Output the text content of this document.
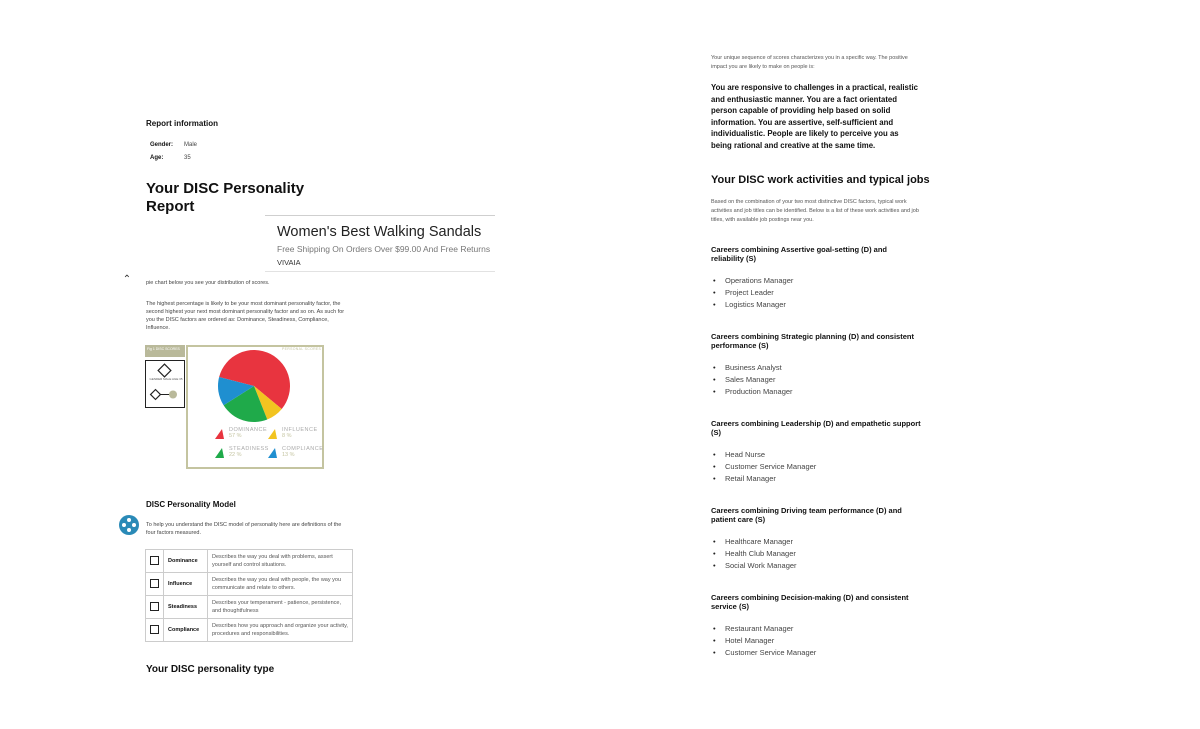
Report information
Gender: Male
Age:	35
Your DISC Personality Report
Women's Best Walking Sandals
Free Shipping On Orders Over $99.00 And Free Returns
VIVAIA
⌃	pie chart below you see your distribution of scores.
The highest percentage is likely to be your most dominant personality factor, the second highest your next most dominant personality factor and so on. As such for you the DISC factors are ordered as: Dominance, Steadiness, Compliance, Influence.
Fig 1 DISC SCORES
GENDER MALE AGE 35
PERSONAL SCORES
DOMINANCE
57 %
INFLUENCE
8 %
STEADINESS
22 %
COMPLIANCE
13 %
DISC Personality Model
To help you understand the DISC model of personality here are definitions of the four factors measured.
	Dominance	Describes the way you deal with problems, assert yourself and control situations.
	Influence	Describes the way you deal with people, the way you communicate and relate to others.
	Steadiness	Describes your temperament - patience, persistence, and thoughtfulness
	Compliance	Describes how you approach and organize your activity, procedures and responsibilities.
Your DISC personality type
Your unique sequence of scores characterizes you in a specific way. The positive impact you are likely to make on people is:
You are responsive to challenges in a practical, realistic and enthusiastic manner. You are a fact orientated person capable of providing help based on solid information. You are assertive, self-sufficient and individualistic. People are likely to perceive you as being rational and creative at the same time.
Your DISC work activities and typical jobs
Based on the combination of your two most distinctive DISC factors, typical work activities and job titles can be identified. Below is a list of these work activities and job titles, with available job postings near you.
Careers combining Assertive goal-setting (D) and reliability (S)
• Operations Manager
• Project Leader
• Logistics Manager
Careers combining Strategic planning (D) and consistent performance (S)
• Business Analyst
• Sales Manager
• Production Manager
Careers combining Leadership (D) and empathetic support (S)
• Head Nurse
• Customer Service Manager
• Retail Manager
Careers combining Driving team performance (D) and patient care (S)
• Healthcare Manager
• Health Club Manager
• Social Work Manager
Careers combining Decision-making (D) and consistent service (S)
• Restaurant Manager
• Hotel Manager
• Customer Service Manager
